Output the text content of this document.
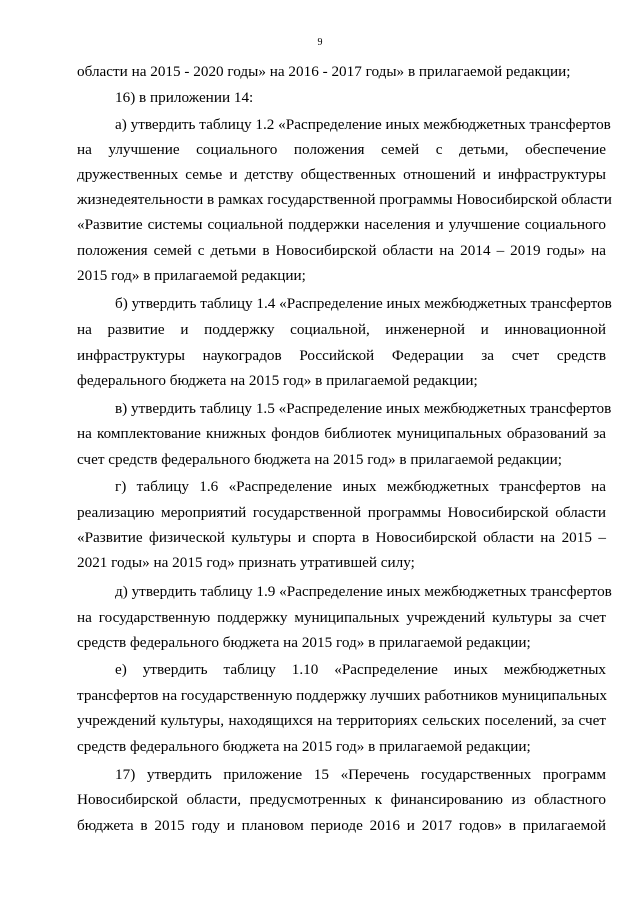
9
области на 2015 - 2020 годы» на 2016 - 2017 годы» в прилагаемой редакции;
16) в приложении 14:
а) утвердить таблицу 1.2 «Распределение иных межбюджетных трансфертов
на улучшение социального положения семей с детьми, обеспечение
дружественных семье и детству общественных отношений и инфраструктуры
жизнедеятельности в рамках государственной программы Новосибирской области
«Развитие системы социальной поддержки населения и улучшение социального
положения семей с детьми в Новосибирской области на 2014 – 2019 годы» на
2015 год» в прилагаемой редакции;
б) утвердить таблицу 1.4 «Распределение иных межбюджетных трансфертов
на развитие и поддержку социальной, инженерной и инновационной
инфраструктуры наукоградов Российской Федерации за счет средств
федерального бюджета на 2015 год» в прилагаемой редакции;
в) утвердить таблицу 1.5 «Распределение иных межбюджетных трансфертов
на комплектование книжных фондов библиотек муниципальных образований за
счет средств федерального бюджета на 2015 год» в прилагаемой редакции;
г) таблицу 1.6 «Распределение иных межбюджетных трансфертов на
реализацию мероприятий государственной программы Новосибирской области
«Развитие физической культуры и спорта в Новосибирской области на 2015 –
2021 годы» на 2015 год» признать утратившей силу;
д) утвердить таблицу 1.9 «Распределение иных межбюджетных трансфертов
на государственную поддержку муниципальных учреждений культуры за счет
средств федерального бюджета на 2015 год» в прилагаемой редакции;
е) утвердить таблицу 1.10 «Распределение иных межбюджетных
трансфертов на государственную поддержку лучших работников муниципальных
учреждений культуры, находящихся на территориях сельских поселений, за счет
средств федерального бюджета на 2015 год» в прилагаемой редакции;
17) утвердить приложение 15 «Перечень государственных программ
Новосибирской области, предусмотренных к финансированию из областного
бюджета в 2015 году и плановом периоде 2016 и 2017 годов» в прилагаемой
